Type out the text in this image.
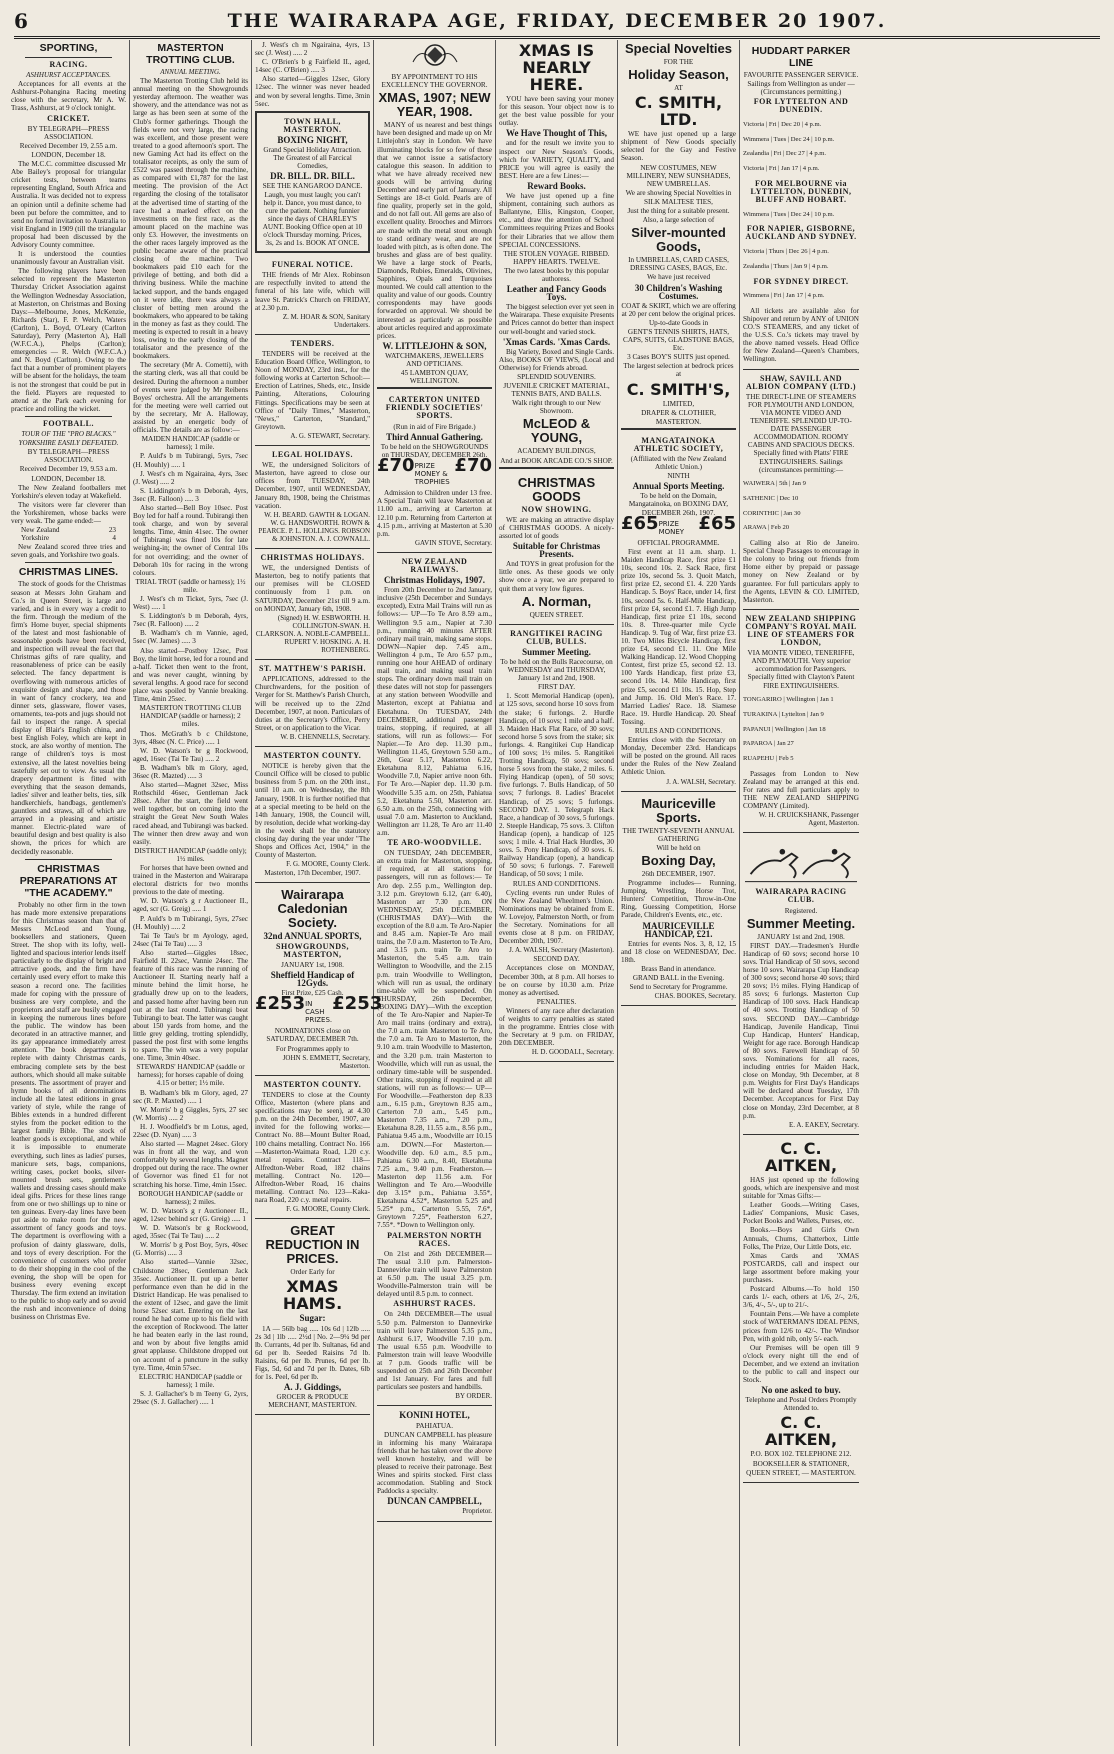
6	THE WAIRARAPA AGE, FRIDAY, DECEMBER 20 1907.
SPORTING,
RACING.
ASHHURST ACCEPTANCES.

Acceptances for all events at the Ashhurst-Pohangina Racing meeting close with the secretary, Mr A. W. Trass, Ashhurst, at 9 o'clock tonight.

CRICKET.

BY TELEGRAPH—PRESS ASSOCIATION.

Received December 19, 2.55 a.m.

LONDON, December 18.

The M.C.C. committee discussed Mr Abe Bailey's proposal for triangular cricket tests, between teams representing England, South Africa and Australia. It was decided not to express an opinion until a definite scheme had been put before the committee, and to send no formal invitation to Australia to visit England in 1909 (till the triangular proposal had been discussed by the Advisory County committee.

It is understood the counties unanimously favour an Australian visit.

The following players have been selected to represent the Masterton Thursday Cricket Association against the Wellington Wednesday Association, at Masterton, on Christmas and Boxing Days:—Melbourne, Jones, McKenzie, Richards (Star), F. P. Welch, Waters (Carlton), L. Boyd, O'Leary (Carlton Saturday), Perry (Masterton A), Hall (W.F.C.A.), Phelps (Carlton); emergencies — R. Welch (W.F.C.A.) and N. Boyd (Carlton). Owing to the fact that a number of prominent players will be absent for the holidays, the team is not the strongest that could be put in the field. Players are requested to attend at the Park each evening for practice and rolling the wicket.

FOOTBALL.
TOUR OF THE "PRO BLACKS."
YORKSHIRE EASILY DEFEATED.

BY TELEGRAPH—PRESS ASSOCIATION.

Received December 19, 9.53 a.m.

LONDON, December 18.

The New Zealand footballers met Yorkshire's eleven today at Wakefield.

The visitors were far cleverer than the Yorkshiremen, whose backs were very weak. The game ended:—

New Zealand	23
Yorkshire	4

New Zealand scored three tries and seven goals, and Yorkshire two goals.

CHRISTMAS LINES.

The stock of goods for the Christmas season at Messrs John Graham and Co.'s in Queen Street, is large and varied, and is in every way a credit to the firm. Through the medium of the firm's Home buyer, special shipments of the latest and most fashionable of seasonable goods have been received, and inspection will reveal the fact that Christmas gifts of rare quality, and reasonableness of price can be easily selected. The fancy department is overflowing with numerous articles of exquisite design and shape, and those in want of fancy crockery, tea and dinner sets, glassware, flower vases, ornaments, tea-pots and jugs should not fail to inspect the range. A special display of Blair's English china, and best English Foley, which are kept in stock, are also worthy of mention. The range of children's toys is most extensive, all the latest novelties being tastefully set out to view. As usual the drapery department is fitted with everything that the season demands, ladies' silver and leather belts, ties, silk handkerchiefs, handbags, gentlemen's gauntlets and straws, all of which are arrayed in a pleasing and artistic manner. Electric-plated ware of beautiful design and best quality is also shown, the prices for which are decidedly reasonable.

CHRISTMAS PREPARATIONS AT "THE ACADEMY."

Probably no other firm in the town has made more extensive preparations for this Christmas season than that of Messrs McLeod and Young, booksellers and stationers, Queen Street. The shop with its lofty, well-lighted and spacious interior lends itself particularly to the display of bright and attractive goods, and the firm have certainly used every effort to make this season a record one. The facilities made for coping with the pressure of business are very complete, and the proprietors and staff are busily engaged in keeping the numerous lines before the public. The window has been decorated in an attractive manner, and its gay appearance immediately arrest attention. The book department is replete with dainty Christmas cards, embracing complete sets by the best authors, which should all make suitable presents. The assortment of prayer and hymn books of all denominations include all the latest editions in great variety of style, while the range of Bibles extends in a hundred different styles from the pocket edition to the largest family Bible. The stock of leather goods is exceptional, and while it is impossible to enumerate everything, such lines as ladies' purses, manicure sets, bags, companions, writing cases, pocket books, silver-mounted brush sets, gentlemen's wallets and dressing cases should make ideal gifts. Prices for these lines range from one or two shillings up to nine or ten guineas. Every-day lines have been put aside to make room for the new assortment of fancy goods and toys. The department is overflowing with a profusion of dainty glassware, dolls, and toys of every description. For the convenience of customers who prefer to do their shopping in the cool of the evening, the shop will be open for business every evening except Thursday. The firm extend an invitation to the public to shop early and so avoid the rush and inconvenience of doing business on Christmas Eve.

MASTERTON TROTTING CLUB.
ANNUAL MEETING.

The Masterton Trotting Club held its annual meeting on the Showgrounds yesterday afternoon. The weather was showery, and the attendance was not as large as has been seen at some of the Club's former gatherings. Though the fields were not very large, the racing was excellent, and those present were treated to a good afternoon's sport. The new Gaming Act had its effect on the totalisator receipts, as only the sum of £522 was passed through the machine, as compared with £1,787 for the last meeting. The provision of the Act regarding the closing of the totalisator at the advertised time of starting of the race had a marked effect on the investments on the first race, as the amount placed on the machine was only £3. However, the investments on the other races largely improved as the public became aware of the practical closing of the machine. Two bookmakers paid £10 each for the privilege of betting, and both did a thriving business. While the machine lacked support, and the bands engaged on it were idle, there was always a cluster of betting men around the bookmakers, who appeared to be taking in the money as fast as they could. The meeting is expected to result in a heavy loss, owing to the early closing of the totalisator and the presence of the bookmakers.

The secretary (Mr A. Cometti), with the starting clerk, was all that could be desired. During the afternoon a number of events were judged by Mr Reibens Boyes' orchestra. All the arrangements for the meeting were well carried out by the secretary, Mr A. Halloway, assisted by an energetic body of officials. The details are as follow:—

MAIDEN HANDICAP (saddle or harness); 1 mile.

P. Auld's b m Tubirangi, 5yrs, 7sec (H. Mouhly) ..... 1

J. West's ch m Ngairaina, 4yrs, 3sec (J. West) ..... 2

S. Liddington's b m Deborah, 4yrs, 3sec (R. Falloon) ..... 3

Also started—Bell Boy 10sec. Post Boy led for half a round. Tubirangi then took charge, and won by several lengths. Time, 4min 41sec. The owner of Tubirangi was fined 10s for late weighing-in; the owner of Central 10s for not overriding; and the owner of Deborah 10s for racing in the wrong colours.

TRIAL TROT (saddle or harness); 1½ mile.

J. West's ch m Ticket, 5yrs, 7sec (J. West) ..... 1

S. Liddington's b m Deborah, 4yrs, 7sec (R. Falloon) ..... 2

B. Wadham's ch m Vannie, aged, 5sec (W. James) ..... 3

Also started—Postboy 12sec, Post Boy, the limit horse, led for a round and a-half. Ticket then went to the front, and was never caught, winning by several lengths. A good race for second place was spoiled by Vannie breaking. Time, 4min 25sec.

MASTERTON TROTTING CLUB HANDICAP (saddle or harness); 2 miles.

Thos. McGrath's b c Childstone, 3yrs, 48sec (N. C. Price) ..... 1

W. D. Watson's br g Rockwood, aged, 16sec (Tai Te Tau) ..... 2

B. Wadham's blk m Glory, aged, 36sec (R. Mazted) ..... 3

Also started—Magnet 32sec, Miss Rothschild 46sec, Gentleman Jack 28sec. After the start, the field went well together, but on coming into the straight the Great New South Wales raced ahead, and Tubirangi was backed. The winner then drew away and won easily.

DISTRICT HANDICAP (saddle only); 1½ miles.

For horses that have been owned and trained in the Masterton and Wairarapa electoral districts for two months previous to the date of meeting.

W. D. Watson's g r Auctioneer II., aged, scr (G. Greig) ..... 1

P. Auld's b m Tubirangi, 5yrs, 27sec (H. Mouhly) ..... 2

Tai Te Tau's br m Ayology, aged, 24sec (Tai Te Tau) ..... 3

Also started—Giggles 18sec, Fairfield II. 22sec, Vannie 24sec. The feature of this race was the running of Auctioneer II. Starting nearly half a minute behind the limit horse, he gradually drew up on to the leaders, and passed home after having been run out at the last round. Tubirangi beat Tubirangi to beat. The latter was caught about 150 yards from home, and the little grey gelding, trotting splendidly, passed the post first with some lengths to spare. The win was a very popular one. Time, 3min 40sec.

STEWARDS' HANDICAP (saddle or harness); for horses capable of doing 4.15 or better; 1½ mile.

B. Wadham's blk m Glory, aged, 27 sec (R. P. Maxted) ..... 1

W. Morris' b g Giggles, 5yrs, 27 sec (W. Morris) ..... 2

H. J. Woodfield's br m Lotus, aged, 22sec (D. Nyan) ..... 3

Also started — Magnet 24sec. Glory was in front all the way, and won comfortably by several lengths. Magnet dropped out during the race. The owner of Governor was fined £1 for not scratching his horse. Time, 4min 15sec.

BOROUGH HANDICAP (saddle or harness); 2 miles.

W. D. Watson's g r Auctioneer II., aged, 12sec behind scr (G. Greig) ..... 1

W. D. Watson's br g Rockwood, aged, 35sec (Tai Te Tau) ..... 2

W. Morris' b g Post Boy, 5yrs, 40sec (G. Morris) ..... 3

Also started—Vannie 32sec, Childstone 28sec, Gentleman Jack 35sec. Auctioneer II. put up a better performance even than he did in the District Handicap. He was penalised to the extent of 12sec, and gave the limit horse 52sec start. Entering on the last round he had come up to his field with the exception of Rockwood. The latter he had beaten early in the last round, and won by about five lengths amid great applause. Childstone dropped out on account of a puncture in the sulky tyre. Time, 4min 57sec.

ELECTRIC HANDICAP (saddle or harness); 1 mile.

S. J. Gallacher's b m Teeny G, 2yrs, 29sec (S. J. Gallacher) ..... 1

J. West's ch m Ngairaina, 4yrs, 13 sec (J. West) ..... 2

C. O'Brien's b g Fairfield II., aged, 14sec (C. O'Brien) ..... 3

Also started—Giggles 12sec, Glory 12sec. The winner was never headed and won by several lengths. Time, 3min 5sec.

TOWN HALL, MASTERTON.
BOXING NIGHT,

Grand Special Holiday Attraction. The Greatest of all Farcical Comedies,

DR. BILL. DR. BILL.

SEE THE KANGAROO DANCE. Laugh, you must laugh; you can't help it. Dance, you must dance, to cure the patient. Nothing funnier since the days of CHARLEY'S AUNT. Booking Office open at 10 o'clock Thursday morning. Prices, 3s, 2s and 1s. BOOK AT ONCE.

FUNERAL NOTICE.

THE friends of Mr Alex. Robinson are respectfully invited to attend the funeral of his late wife, which will leave St. Patrick's Church on FRIDAY, at 2.30 p.m.

Z. M. HOAR & SON, Sanitary Undertakers.

TENDERS.

TENDERS will be received at the Education Board Office, Wellington, to Noon of MONDAY, 23rd inst., for the following works at Carterton School:— Erection of Latrines, Sheds, etc., Inside Painting, Alterations, Colouring Fittings. Specifications may be seen at Office of "Daily Times," Masterton, "News," Carterton, "Standard," Greytown.

A. G. STEWART, Secretary.

LEGAL HOLIDAYS.

WE, the undersigned Solicitors of Masterton, have agreed to close our offices from TUESDAY, 24th December, 1907, until WEDNESDAY, January 8th, 1908, being the Christmas vacation.

W. H. BEARD. GAWTH & LOGAN. W. G. HANDSWORTH. ROWN & PEARCE. P. L. HOLLINGS. ROBSON & JOHNSTON. A. J. COWNALL.

CHRISTMAS HOLIDAYS.

WE, the undersigned Dentists of Masterton, beg to notify patients that our premises will be CLOSED continuously from 1 p.m. on SATURDAY, December 21st till 9 a.m. on MONDAY, January 6th, 1908.

(Signed) H. W. ESBWORTH. H. COLLINGTON-SWAN. H. CLARKSON. A. NOBLE-CAMPBELL. RUPERT V. HOSKING. A. H. ROTHENBERG.

ST. MATTHEW'S PARISH.

APPLICATIONS, addressed to the Churchwardens, for the position of Verger for St. Matthew's Parish Church, will be received up to the 22nd December, 1907, at noon. Particulars of duties at the Secretary's Office, Perry Street, or on application to the Vicar.

W. B. CHENNELLS, Secretary.

MASTERTON COUNTY.

NOTICE is hereby given that the Council Office will be closed to public business from 5 p.m. on the 20th inst., until 10 a.m. on Wednesday, the 8th January, 1908. It is further notified that at a special meeting to be held on the 14th January, 1908, the Council will, by resolution, decide what working-day in the week shall be the statutory closing day during the year under "The Shops and Offices Act, 1904," in the County of Masterton.

F. G. MOORE, County Clerk.

Masterton, 17th December, 1907.

Wairarapa Caledonian Society.
32nd ANNUAL SPORTS,
SHOWGROUNDS, MASTERTON,

JANUARY 1st, 1908.

Sheffield Handicap of 12Gyds.

First Prize, £25 Cash.

£253 IN CASH PRIZES.
£253

NOMINATIONS close on SATURDAY, DECEMBER 7th.

For Programmes apply to

JOHN S. EMMETT, Secretary, Masterton.

MASTERTON COUNTY.

TENDERS to close at the County Office, Masterton (where plans and specifications may be seen), at 4.30 p.m. on the 24th December, 1907, are invited for the following works:— Contract No. 88—Mount Bulter Road, 100 chains metalling. Contract No. 166—Masterton-Waimata Road, 1.20 c.y. metal repairs. Contract 118—Alfredton-Weber Road, 182 chains metalling. Contract No. 120—Alfredton-Weber Road, 16 chains metalling. Contract No. 123—Kaka-nara Road, 220 c.y. metal repairs.

F. G. MOORE, County Clerk.

GREAT REDUCTION IN PRICES.

Order Early for

XMAS HAMS.
Sugar:

1A — 56lb bag ..... 10s 6d | 12lb ..... 2s 3d | 1lb ..... 2½d | No. 2—9¼ 9d per lb. Currants, 4d per lb. Sultanas, 6d and 6d per lb. Seeded Raisins 7d lb. Raisins, 6d per lb. Prunes, 6d per lb. Figs, 5d, 6d and 7d per lb. Dates, 6lb for 1s. Peel, 6d per lb.

A. J. Giddings,

GROCER & PRODUCE MERCHANT, MASTERTON.

BY APPOINTMENT TO HIS EXCELLENCY THE GOVERNOR.

XMAS, 1907; NEW YEAR, 1908.

MANY of us nearest and best things have been designed and made up on Mr Littlejohn's stay in London. We have illuminating blocks for so few of these that we cannot issue a satisfactory catalogue this season. In addition to what we have already received new goods will be arriving during December and early part of January. All Settings are 18-ct Gold. Pearls are of fine quality, properly set in the gold, and do not fall out. All gems are also of excellent quality. Brooches and Mirrors are made with the metal stout enough to stand ordinary wear, and are not loaded with pitch, as is often done. The brushes and glass are of best quality. We have a large stock of Pearls, Diamonds, Rubies, Emeralds, Olivines, Sapphires, Opals and Turquoises mounted. We could call attention to the quality and value of our goods. Country correspondents may have goods forwarded on approval. We should be interested as particularly as possible about articles required and approximate prices.

W. LITTLEJOHN & SON,

WATCHMAKERS, JEWELLERS AND OPTICIANS.

45 LAMBTON QUAY, WELLINGTON.

CARTERTON UNITED FRIENDLY SOCIETIES' SPORTS.

(Run in aid of Fire Brigade.)

Third Annual Gathering.

To be held on the SHOWGROUNDS on THURSDAY, DECEMBER 26th.

£70 PRIZE MONEY & TROPHIES
£70

Admission to Children under 13 free. A Special Train will leave Masterton at 11.00 a.m., arriving at Carterton at 12.10 p.m. Returning from Carterton at 4.15 p.m., arriving at Masterton at 5.30 p.m.

GAVIN STOVE, Secretary.

NEW ZEALAND RAILWAYS.
Christmas Holidays, 1907.

From 20th December to 2nd January, inclusive (25th December and Sundays excepted), Extra Mail Trains will run as follows:— UP—To Te Aro 8.59 a.m., Wellington 9.5 a.m., Napier at 7.30 p.m., running 40 minutes AFTER ordinary mail train, making same stops. DOWN—Napier dep. 7.45 a.m., Wellington 4 p.m., Te Aro 6.57 p.m., running one hour AHEAD of ordinary mail train, and making usual train stops. The ordinary down mail train on these dates will not stop for passengers at any station between Woodville and Masterton, except at Pahiatua and Eketahuna. On TUESDAY, 24th DECEMBER, additional passenger trains, stopping, if required, at all stations, will run as follows:— For Napier.—Te Aro dep. 11.30 p.m., Wellington 11.45, Greytown 5.50 a.m., 26th, Gear 5.17, Masterton 6.22, Eketahuna 8.12, Pahiatua 6.16, Woodville 7.0, Napier arrive noon 6th. For Te Aro.—Napier dep. 11.30 p.m. Woodville 5.35 a.m. on 25th, Pahiatua 5.2, Eketahuna 5.50, Masterton arr. 6.50 a.m. on the 25th, connecting with usual 7.0 a.m. Masterton to Auckland, Wellington arr 11.28, Te Aro arr 11.40 a.m.

TE ARO-WOODVILLE.

ON TUESDAY, 24th DECEMBER, an extra train for Masterton, stopping, if required, at all stations for passengers, will run as follows:— Te Aro dep. 2.55 p.m., Wellington dep. 3.12 p.m. Greytown 6.12, (arr 6.40), Masterton arr 7.30 p.m. ON WEDNESDAY, 25th DECEMBER, (CHRISTMAS DAY)—With the exception of the 8.0 a.m. Te Aro-Napier and 8.45 a.m. Napier-Te Aro mail trains, the 7.0 a.m. Masterton to Te Aro, and 3.15 p.m. train Te Aro to Masterton, the 5.45 a.m. train Wellington to Woodville, and the 2.15 p.m. train Woodville to Wellington, which will run as usual, the ordinary time-table will be suspended. On THURSDAY, 26th December, (BOXING DAY)—With the exception of the Te Aro-Napier and Napier-Te Aro mail trains (ordinary and extra), the 7.0 a.m. train Masterton to Te Aro, the 7.0 a.m. Te Aro to Masterton, the 9.10 a.m. train Woodville to Masterton, and the 3.20 p.m. train Masterton to Woodville, which will run as usual, the ordinary time-table will be suspended. Other trains, stopping if required at all stations, will run as follows:— UP—For Woodville.—Featherston dep 8.33 a.m., 6.15 p.m., Greytown 8.35 a.m., Carterton 7.0 a.m., 5.45 p.m., Masterton 7.35 a.m., 7.20 p.m., Eketahuna 8.28, 11.55 a.m., 8.56 p.m., Pahiatua 9.45 a.m., Woodville arr 10.15 a.m. DOWN.—For Masterton.—Woodville dep. 6.0 a.m., 8.5 p.m., Pahiatua 6.30 a.m., 8.40, Eketahuna 7.25 a.m., 9.40 p.m. Featherston.—Masterton dep 11.56 a.m. For Wellington and Te Aro.—Woodville dep 3.15* p.m., Pahiatua 3.55*, Eketahuna 4.52*, Masterton 5.25 and 5.25* p.m., Carterton 5.55, 7.6*, Greytown 7.25*, Featherston 6.27, 7.55*. *Down to Wellington only.

PALMERSTON NORTH RACES.

On 21st and 26th DECEMBER—The usual 3.10 p.m. Palmerston-Dannevirke train will leave Palmerston at 6.50 p.m. The usual 3.25 p.m. Woodville-Palmerston train will be delayed until 8.5 p.m. to connect.

ASHHURST RACES.

On 24th DECEMBER—The usual 5.50 p.m. Palmerston to Dannevirke train will leave Palmerston 5.35 p.m., Ashhurst 6.17, Woodville 7.10 p.m. The usual 6.55 p.m. Woodville to Palmerston train will leave Woodville at 7 p.m. Goods traffic will be suspended on 25th and 26th December and 1st January. For fares and full particulars see posters and handbills.

BY ORDER.

KONINI HOTEL,

PAHIATUA.

DUNCAN CAMPBELL has pleasure in informing his many Wairarapa friends that he has taken over the above well known hostelry, and will be pleased to receive their patronage. Best Wines and spirits stocked. First class accommodation. Stabling and Stock Paddocks a specialty.

DUNCAN CAMPBELL,

Proprietor.

XMAS IS NEARLY HERE.

YOU have been saving your money for this season. Your object now is to get the best value possible for your outlay.

We Have Thought of This,

and for the result we invite you to inspect our New Season's Goods, which for VARIETY, QUALITY, and PRICE you will agree is easily the BEST. Here are a few Lines:—

Reward Books.

We have just opened up a fine shipment, containing such authors as Ballantyne, Ellis, Kingston, Cooper, etc., and draw the attention of School Committees requiring Prizes and Books for their Libraries that we allow them SPECIAL CONCESSIONS.

THE STOLEN VOYAGE. RIBBED. HAPPY HEARTS. TWELVE.

The two latest books by this popular authoress.

Leather and Fancy Goods Toys.

The biggest selection ever yet seen in the Wairarapa. These exquisite Presents and Prices cannot do better than inspect our well-bought and varied stock.

'Xmas Cards. 'Xmas Cards.

Big Variety, Boxed and Single Cards. Also, BOOKS OF VIEWS, (Local and Otherwise) for Friends abroad.

SPLENDID SOUVENIRS.

JUVENILE CRICKET MATERIAL, TENNIS BATS, AND BALLS.

Walk right through to our New Showroom.

McLEOD & YOUNG,

ACADEMY BUILDINGS,

And at BOOK ARCADE CO.'S SHOP.

CHRISTMAS GOODS
NOW SHOWING.

WE are making an attractive display of CHRISTMAS GOODS. A nicely-assorted lot of goods

Suitable for Christmas Presents.

And TOYS in great profusion for the little ones. As these goods we only show once a year, we are prepared to quit them at very low figures.

A. Norman,

QUEEN STREET.

RANGITIKEI RACING CLUB, BULLS.
Summer Meeting.

To be held on the Bulls Racecourse, on WEDNESDAY and THURSDAY, January 1st and 2nd, 1908.

FIRST DAY.

1. Scott Memorial Handicap (open), at 125 sovs, second horse 10 sovs from the stake; 6 furlongs. 2. Hurdle Handicap, of 10 sovs; 1 mile and a half. 3. Maiden Hack Flat Race, of 30 sovs; second horse 5 sovs from the stake; six furlongs. 4. Rangitikei Cup Handicap of 100 sovs; 1½ miles. 5. Rangitikei Trotting Handicap, 50 sovs; second horse 5 sovs from the stake, 2 miles. 6. Flying Handicap (open), of 50 sovs; five furlongs. 7. Bulls Handicap, of 50 sovs; 7 furlongs. 8. Ladies' Bracelet Handicap, of 25 sovs; 5 furlongs. SECOND DAY. 1. Telegraph Hack Race, a handicap of 30 sovs, 5 furlongs. 2. Steeple Handicap, 75 sovs. 3. Clifton Handicap (open), a handicap of 125 sovs; 1 mile. 4. Trial Hack Hurdles, 30 sovs. 5. Pony Handicap, of 30 sovs. 6. Railway Handicap (open), a handicap of 50 sovs; 6 furlongs. 7. Farewell Handicap, of 50 sovs; 1 mile.

RULES AND CONDITIONS.

Cycling events run under Rules of the New Zealand Wheelmen's Union. Nominations may be obtained from E. W. Lovejoy, Palmerston North, or from the Secretary. Nominations for all events close at 8 p.m. on FRIDAY, December 20th, 1907.

J. A. WALSH, Secretary (Masterton).

SECOND DAY.

Acceptances close on MONDAY, December 30th, at 8 p.m. All horses to be on course by 10.30 a.m. Prize money as advertised.

PENALTIES.

Winners of any race after declaration of weights to carry penalties as stated in the programme. Entries close with the Secretary at 9 p.m. on FRIDAY, 20th DECEMBER.

H. D. GOODALL, Secretary.

Special Novelties

FOR THE

Holiday Season,

AT

C. SMITH, LTD.

WE have just opened up a large shipment of New Goods specially selected for the Gay and Festive Season.

NEW COSTUMES, NEW MILLINERY, NEW SUNSHADES, NEW UMBRELLAS.

We are showing Special Novelties in

SILK MALTESE TIES,

Just the thing for a suitable present.

Also, a large selection of

Silver-mounted Goods,

In UMBRELLAS, CARD CASES, DRESSING CASES, BAGS, Etc.

We have just received

30 Children's Washing Costumes.

COAT & SKIRT, which we are offering at 20 per cent below the original prices.

Up-to-date Goods in

GENT'S TENNIS SHIRTS, HATS, CAPS, SUITS, GLADSTONE BAGS, Etc.

3 Cases BOY'S SUITS just opened.

The largest selection at bedrock prices at

C. SMITH'S,

LIMITED,

DRAPER & CLOTHIER,

MASTERTON.

MANGATAINOKA ATHLETIC SOCIETY,

(Affiliated with the New Zealand Athletic Union.)

NINTH

Annual Sports Meeting.

To be held on the Domain, Mangatainoka, on BOXING DAY, DECEMBER 26th, 1907.

£65 PRIZE MONEY £65

OFFICIAL PROGRAMME.

First event at 11 a.m. sharp. 1. Maiden Handicap Race, first prize £1 10s, second 10s. 2. Sack Race, first prize 10s, second 5s. 3. Quoit Match, first prize £2, second £1. 4. 220 Yards Handicap. 5. Boys' Race, under 14, first 10s, second 5s. 6. Half-Mile Handicap, first prize £4, second £1. 7. High Jump Handicap, first prize £1 10s, second 10s. 8. Three-quarter mile Cycle Handicap. 9. Tug of War, first prize £3. 10. Two Miles Bicycle Handicap, first prize £4, second £1. 11. One Mile Walking Handicap. 12. Wood Chopping Contest, first prize £5, second £2. 13. 100 Yards Handicap, first prize £3, second 10s. 14. Mile Handicap, first prize £5, second £1 10s. 15. Hop, Step and Jump. 16. Old Men's Race. 17. Married Ladies' Race. 18. Siamese Race. 19. Hurdle Handicap. 20. Sheaf Tossing.

RULES AND CONDITIONS.

Entries close with the Secretary on Monday, December 23rd. Handicaps will be posted on the ground. All races under the Rules of the New Zealand Athletic Union.

J. A. WALSH, Secretary.

Mauriceville Sports.

THE TWENTY-SEVENTH ANNUAL GATHERING

Will be held on

Boxing Day,

26th DECEMBER, 1907.

Programme includes— Running, Jumping, Wrestling, Horse Trot, Hunters' Competition, Throw-in-One Ring, Guessing Competition, Horse Parade, Children's Events, etc., etc.

MAURICEVILLE HANDICAP, £21.

Entries for events Nos. 3, 8, 12, 15 and 18 close on WEDNESDAY, Dec. 18th.

Brass Band in attendance.

GRAND BALL in the Evening.

Send to Secretary for Programme.

CHAS. BOOKES, Secretary.

HUDDART PARKER LINE

FAVOURITE PASSENGER SERVICE.

Sailings from Wellington as under — (Circumstances permitting.)

FOR LYTTELTON AND DUNEDIN.

Victoria | Fri | Dec 20 | 4 p.m.

Wimmera | Tues | Dec 24 | 10 p.m.

Zealandia | Fri | Dec 27 | 4 p.m.

Victoria | Fri | Jan 17 | 4 p.m.

FOR MELBOURNE via LYTTELTON, DUNEDIN, BLUFF AND HOBART.

Wimmera | Tues | Dec 24 | 10 p.m.

FOR NAPIER, GISBORNE, AUCKLAND AND SYDNEY.

Victoria | Thurs | Dec 26 | 4 p.m.

Zealandia | Thurs | Jan 9 | 4 p.m.

FOR SYDNEY DIRECT.

Wimmera | Fri | Jan 17 | 4 p.m.

All tickets are available also for Shipover and return by ANY of UNION CO.'S STEAMERS, and any ticket of the U.S.S. Co.'s tickets may travel by the above named vessels. Head Office for New Zealand—Queen's Chambers, Wellington.

SHAW, SAVILL AND ALBION COMPANY (LTD.)

THE DIRECT-LINE OF STEAMERS FOR PLYMOUTH AND LONDON, VIA MONTE VIDEO AND TENERIFFE. SPLENDID UP-TO-DATE PASSENGER ACCOMMODATION. ROOMY CABINS AND SPACIOUS DECKS. Specially fitted with Platts' FIRE EXTINGUISHERS. Sailings (circumstances permitting:—

WAIWERA | 5th | Jan 9

SATHENIC | Dec 10

CORINTHIC | Jan 30

ARAWA | Feb 20

Calling also at Rio de Janeiro. Special Cheap Passages to encourage in the colony to bring out friends from Home either by prepaid or passage money on New Zealand or by guarantee. For full particulars apply to the Agents, LEVIN & CO. LIMITED, Masterton.

NEW ZEALAND SHIPPING COMPANY'S ROYAL MAIL LINE OF STEAMERS FOR LONDON,

VIA MONTE VIDEO, TENERIFFE, AND PLYMOUTH. Very superior accommodation for Passengers. Specially fitted with Clayton's Patent FIRE EXTINGUISHERS.

TONGARIRO | Wellington | Jan 1

TURAKINA | Lyttelton | Jan 9

PAPANUI | Wellington | Jan 18

PAPAROA | Jan 27

RUAPEHU | Feb 5

Passages from London to New Zealand may be arranged at this end. For rates and full particulars apply to THE NEW ZEALAND SHIPPING COMPANY (Limited).

W. H. CRUICKSHANK, Passenger Agent, Masterton.

WAIRARAPA RACING CLUB.

Registered.

Summer Meeting.

JANUARY 1st and 2nd, 1908.

FIRST DAY.—Tradesmen's Hurdle Handicap of 60 sovs; second horse 10 sovs. Trial Handicap of 50 sovs, second horse 10 sovs. Wairarapa Cup Handicap of 300 sovs; second horse 40 sovs; third 20 sovs; 1½ miles. Flying Handicap of 85 sovs; 6 furlongs. Masterton Cup Handicap of 100 sovs. Hack Handicap of 40 sovs. Trotting Handicap of 50 sovs. SECOND DAY.—Cambridge Handicap, Juvenile Handicap, Tinui Cup Handicap, Hunters' Handicap, Weight for age race. Borough Handicap of 80 sovs. Farewell Handicap of 50 sovs. Nominations for all races, including entries for Maiden Hack, close on Monday, 9th December, at 8 p.m. Weights for First Day's Handicaps will be declared about Tuesday, 17th December. Acceptances for First Day close on Monday, 23rd December, at 8 p.m.

E. A. EAKEY, Secretary.

C. C. AITKEN,

HAS just opened up the following goods, which are inexpensive and most suitable for 'Xmas Gifts:—

Leather Goods.—Writing Cases, Ladies' Companions, Music Cases, Pocket Books and Wallets, Purses, etc.

Books.—Boys and Girls Own Annuals, Chums, Chatterbox, Little Folks, The Prize, Our Little Dots, etc.

Xmas Cards and 'XMAS POSTCARDS, call and inspect our large assortment before making your purchases.

Postcard Albums.—To hold 150 cards 1/- each, others at 1/6, 2/-, 2/6, 3/6, 4/-, 5/-, up to 21/-.

Fountain Pens.—We have a complete stock of WATERMAN'S IDEAL PENS, prices from 12/6 to 42/-. The Windsor Pen, with gold nib, only 5/- each.

Our Premises will be open till 9 o'clock every night till the end of December, and we extend an invitation to the public to call and inspect our Stock.

No one asked to buy.

Telephone and Postal Orders Promptly Attended to.

C. C. AITKEN,

P.O. BOX 102. TELEPHONE 212.

BOOKSELLER & STATIONER,

QUEEN STREET, — MASTERTON.
